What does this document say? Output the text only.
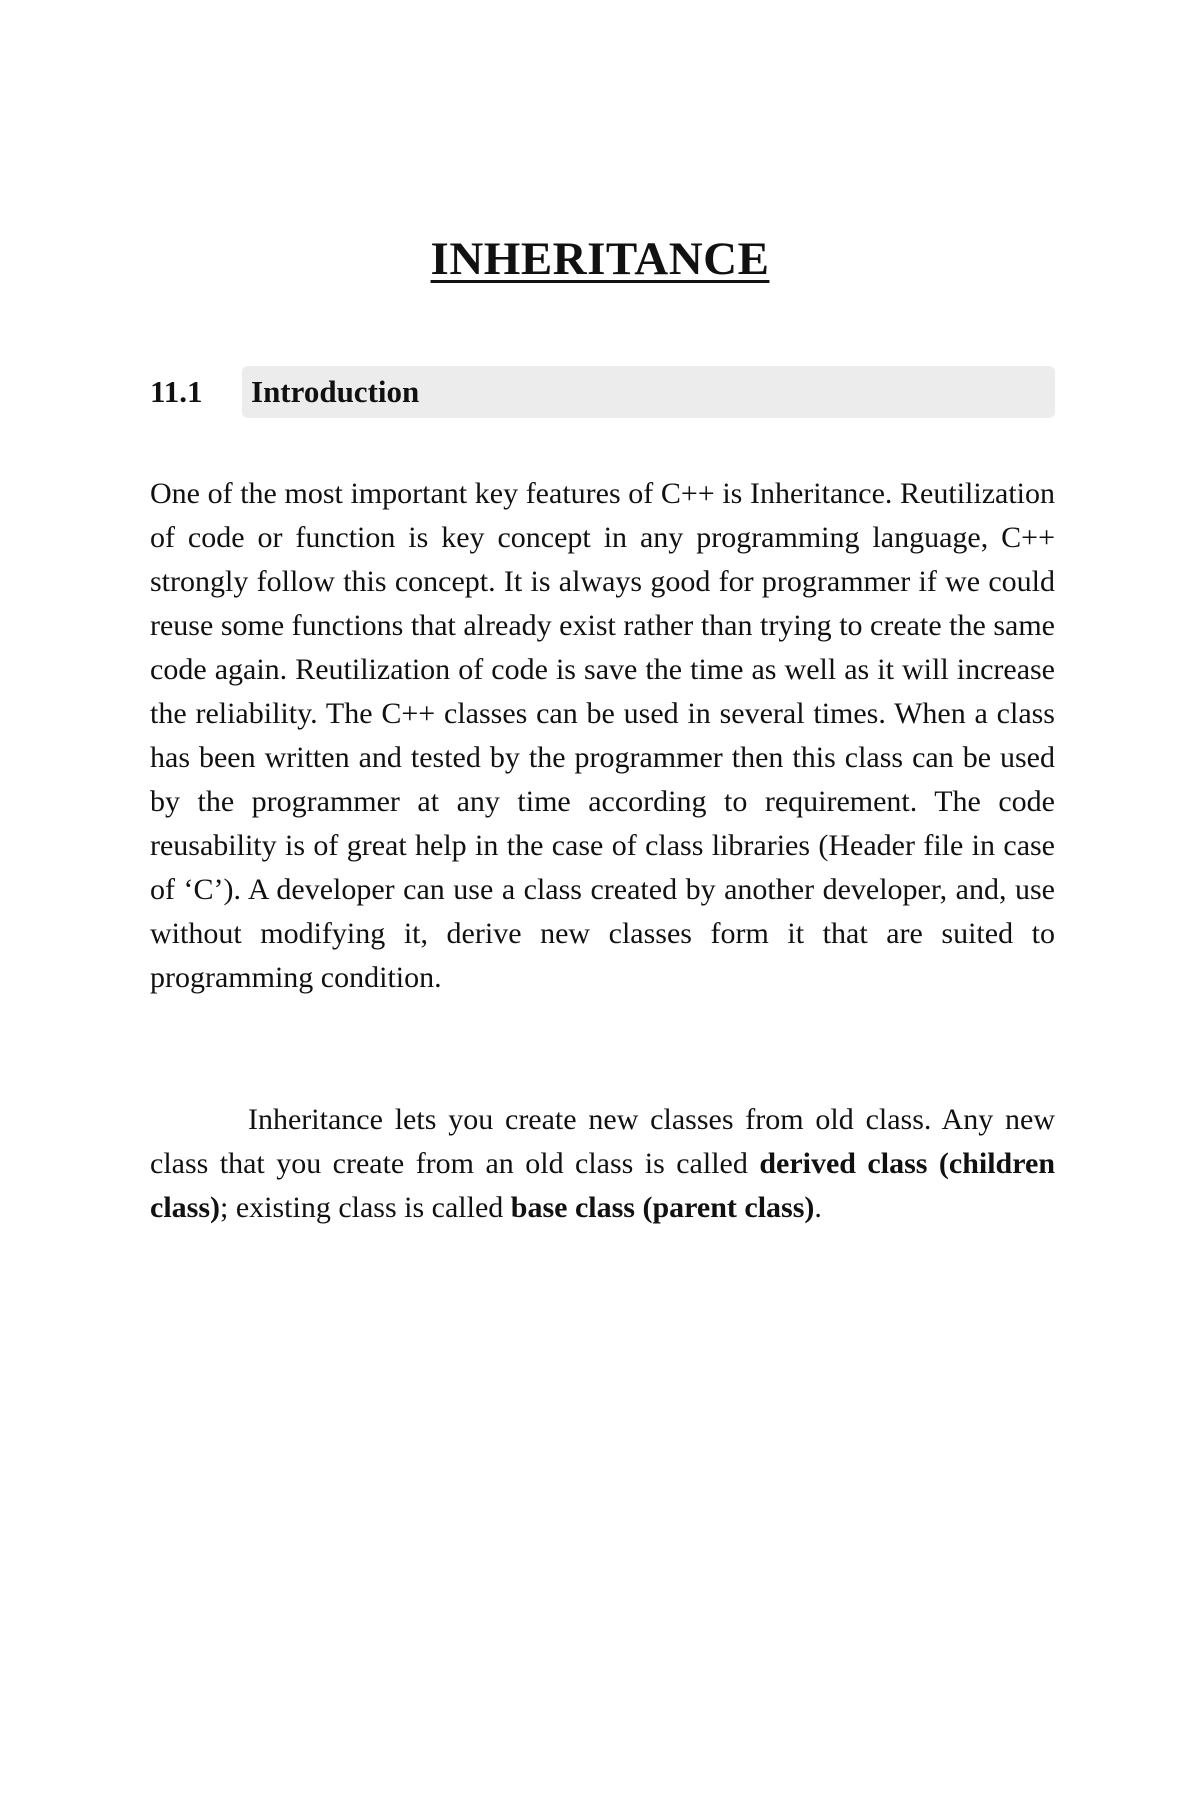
INHERITANCE
11.1 Introduction

One of the most important key features of C++ is Inheritance. Reutilization of code or function is key concept in any programming language, C++ strongly follow this concept. It is always good for programmer if we could reuse some functions that already exist rather than trying to create the same code again. Reutilization of code is save the time as well as it will increase the reliability. The C++ classes can be used in several times. When a class has been written and tested by the programmer then this class can be used by the programmer at any time according to requirement. The code reusability is of great help in the case of class libraries (Header file in case of ‘C’). A developer can use a class created by another developer, and, use without modifying it, derive new classes form it that are suited to programming condition.

Inheritance lets you create new classes from old class. Any new class that you create from an old class is called derived class (children class); existing class is called base class (parent class).
